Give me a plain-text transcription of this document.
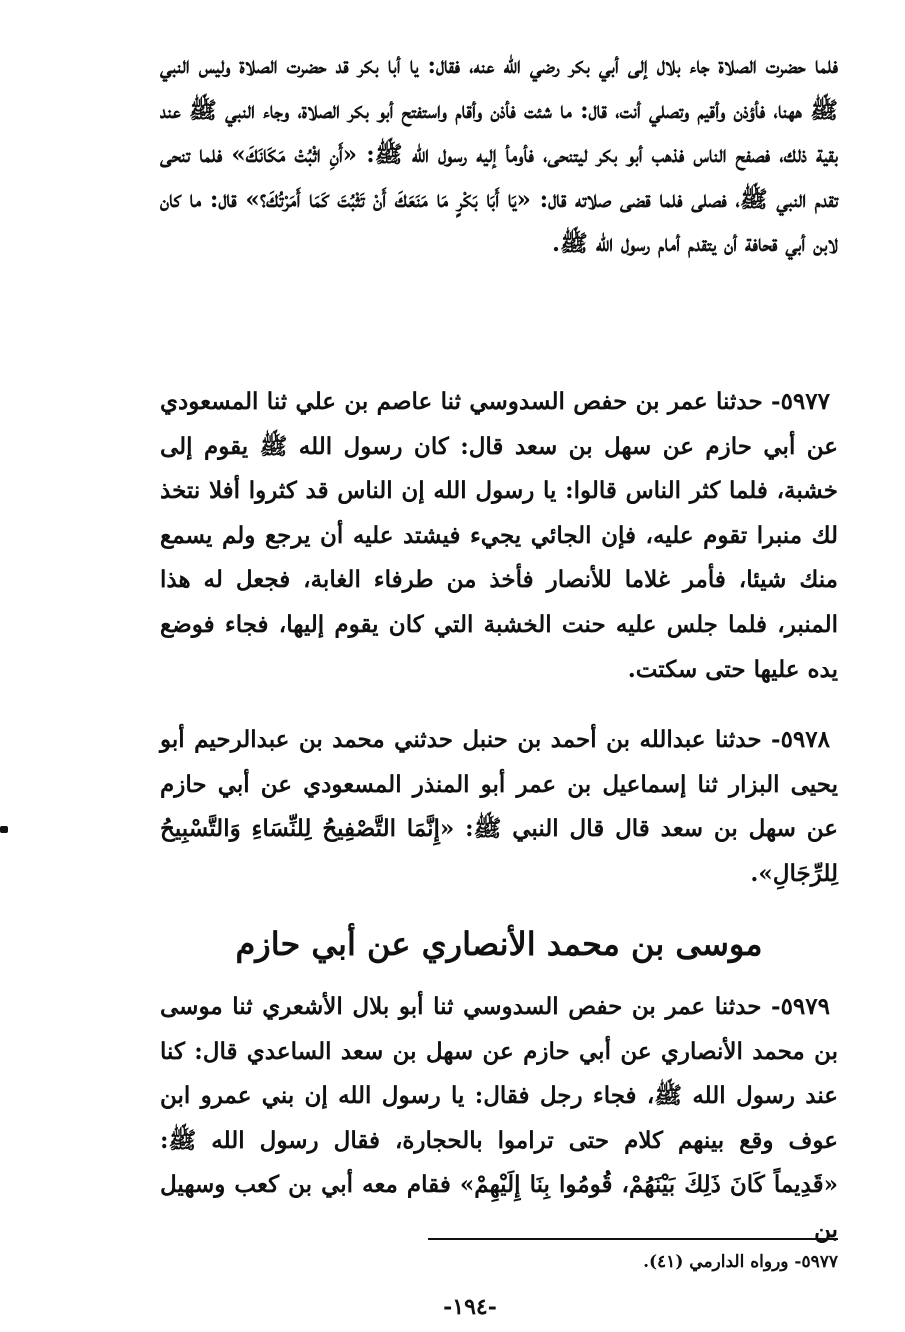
فلما حضرت الصلاة جاء بلال إلى أبي بكر رضي الله عنه، فقال: يا أبا بكر قد حضرت الصلاة وليس النبي ﷺ ههنا، فأؤذن وأقيم وتصلي أنت، قال: ما شئت فأذن وأقام واستفتح أبو بكر الصلاة، وجاء النبي ﷺ عند بقية ذلك، فصفح الناس فذهب أبو بكر ليتنحى، فأومأ إليه رسول الله ﷺ: «أَنِ اثْبُتْ مَكَانَكَ» فلما تنحى تقدم النبي ﷺ، فصلى فلما قضى صلاته قال: «يَا أَبَا بَكْرٍ مَا مَنَعَكَ أَنْ تَثْبُتَ كَمَا أَمَرْتُكَ؟» قال: ما كان لابن أبي قحافة أن يتقدم أمام رسول الله ﷺ.

٥٩٧٧- حدثنا عمر بن حفص السدوسي ثنا عاصم بن علي ثنا المسعودي عن أبي حازم عن سهل بن سعد قال: كان رسول الله ﷺ يقوم إلى خشبة، فلما كثر الناس قالوا: يا رسول الله إن الناس قد كثروا أفلا نتخذ لك منبرا تقوم عليه، فإن الجائي يجيء فيشتد عليه أن يرجع ولم يسمع منك شيئا، فأمر غلاما للأنصار فأخذ من طرفاء الغابة، فجعل له هذا المنبر، فلما جلس عليه حنت الخشبة التي كان يقوم إليها، فجاء فوضع يده عليها حتى سكتت.

٥٩٧٨- حدثنا عبدالله بن أحمد بن حنبل حدثني محمد بن عبدالرحيم أبو يحيى البزار ثنا إسماعيل بن عمر أبو المنذر المسعودي عن أبي حازم عن سهل بن سعد قال قال النبي ﷺ: «إِنَّمَا التَّصْفِيحُ لِلنِّسَاءِ وَالتَّسْبِيحُ لِلرِّجَالِ».

موسى بن محمد الأنصاري عن أبي حازم

٥٩٧٩- حدثنا عمر بن حفص السدوسي ثنا أبو بلال الأشعري ثنا موسى بن محمد الأنصاري عن أبي حازم عن سهل بن سعد الساعدي قال: كنا عند رسول الله ﷺ، فجاء رجل فقال: يا رسول الله إن بني عمرو ابن عوف وقع بينهم كلام حتى تراموا بالحجارة، فقال رسول الله ﷺ: «قَدِيماً كَانَ ذَلِكَ بَيْنَهُمْ، قُومُوا بِنَا إِلَيْهِمْ» فقام معه أبي بن كعب وسهيل بن

٥٩٧٧- ورواه الدارمي (٤١).
-١٩٤-
